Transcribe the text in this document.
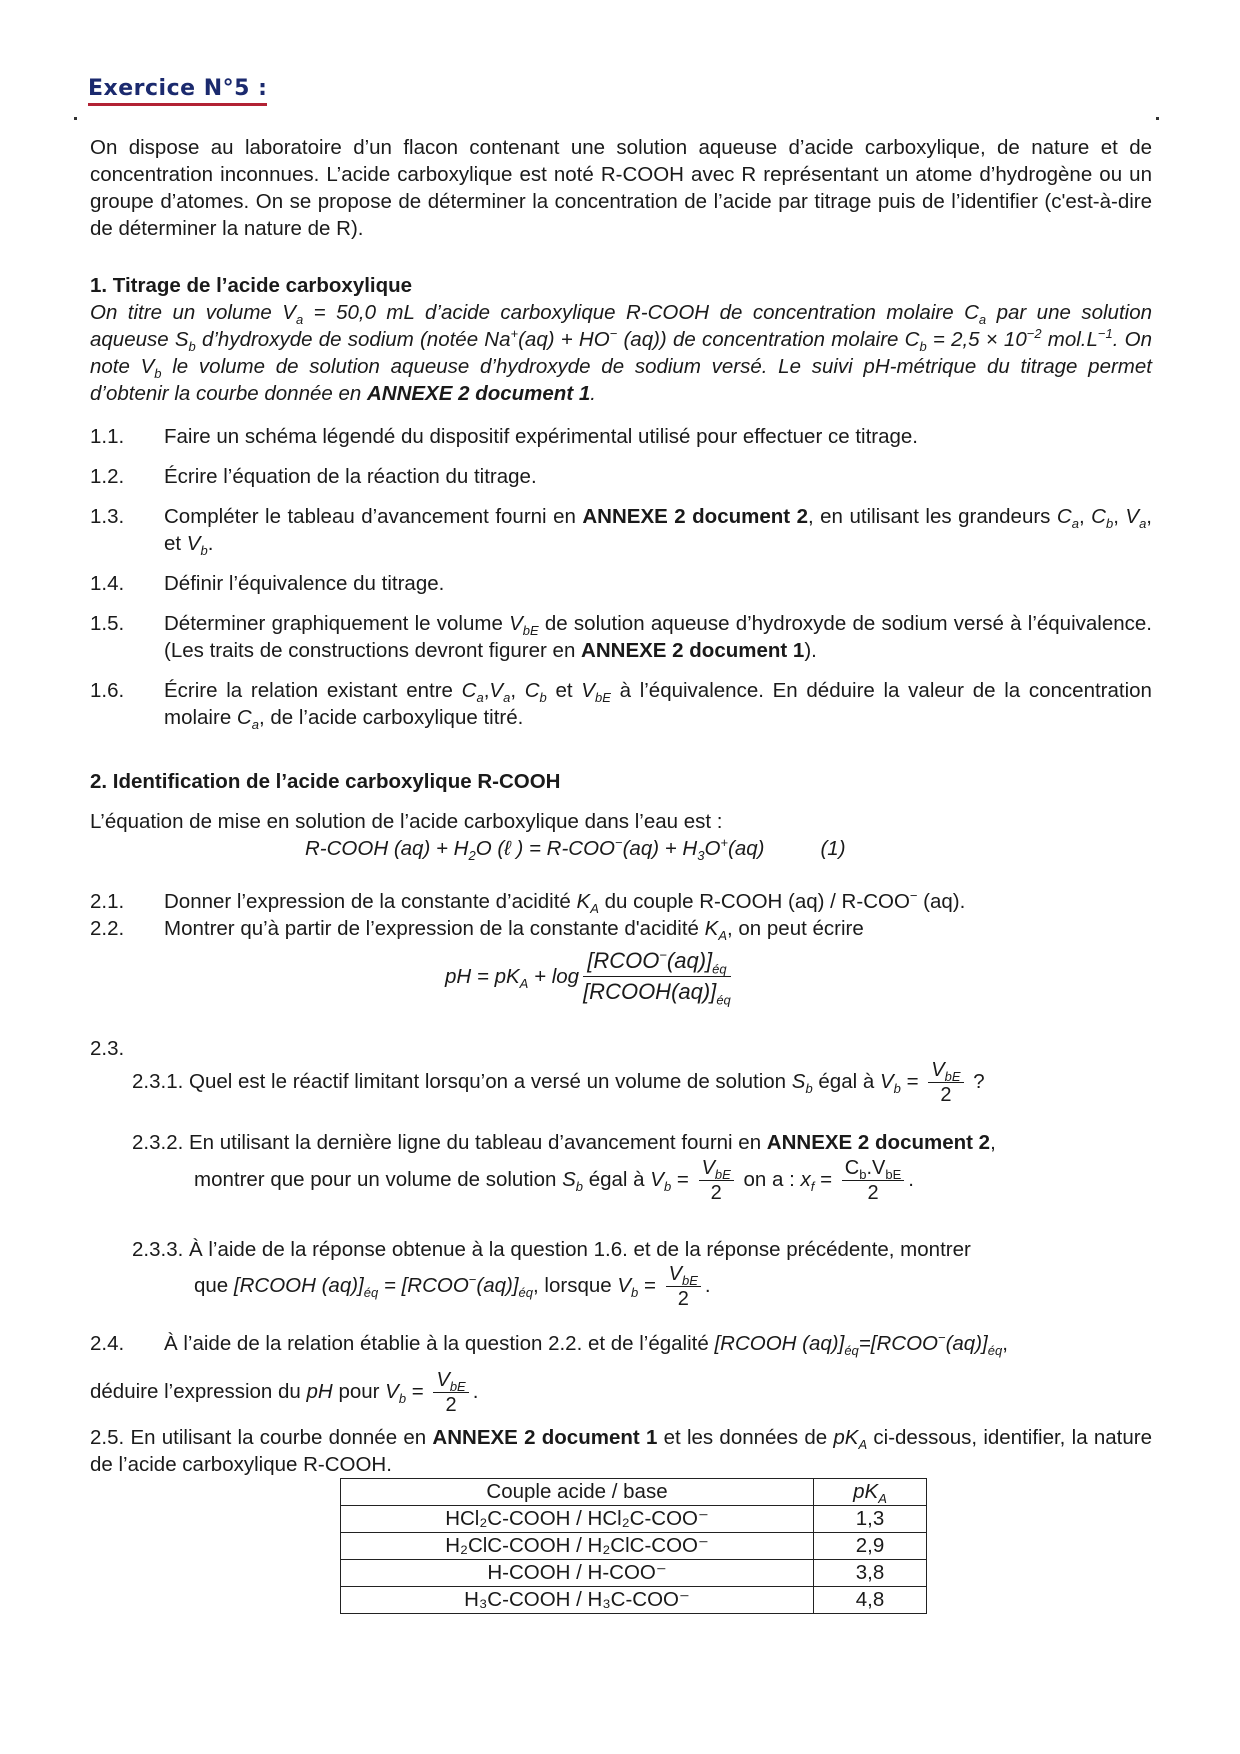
Exercice N°5 :
On dispose au laboratoire d’un flacon contenant une solution aqueuse d’acide carboxylique, de nature et de concentration inconnues. L’acide carboxylique est noté R-COOH avec R représentant un atome d’hydrogène ou un groupe d’atomes. On se propose de déterminer la concentration de l’acide par titrage puis de l’identifier (c'est-à-dire de déterminer la nature de R).
1. Titrage de l’acide carboxylique
On titre un volume $V_a = 50,0$ mL d’acide carboxylique R-COOH de concentration molaire $C_a$ par une solution aqueuse $S_b$ d’hydroxyde de sodium (notée Na+(aq) + HO− (aq)) de concentration molaire $C_b = 2,5 \times 10^{-2}$ $mol.L^{-1}$. On note $V_b$ le volume de solution aqueuse d’hydroxyde de sodium versé. Le suivi pH-métrique du titrage permet d’obtenir la courbe donnée en ANNEXE 2 document 1.
1.1. Faire un schéma légendé du dispositif expérimental utilisé pour effectuer ce titrage.
1.2. Écrire l’équation de la réaction du titrage.
1.3. Compléter le tableau d’avancement fourni en ANNEXE 2 document 2, en utilisant les grandeurs $C_a$, $C_b$, $V_a$, et $V_b$.
1.4. Définir l’équivalence du titrage.
1.5. Déterminer graphiquement le volume $V_{bE}$ de solution aqueuse d’hydroxyde de sodium versé à l’équivalence. (Les traits de constructions devront figurer en ANNEXE 2 document 1).
1.6. Écrire la relation existant entre $C_a,V_a$, $C_b$ et $V_{bE}$ à l’équivalence. En déduire la valeur de la concentration molaire $C_a$, de l’acide carboxylique titré.
2. Identification de l’acide carboxylique R-COOH
L’équation de mise en solution de l’acide carboxylique dans l’eau est :
R-COOH $(aq) + H_2O$ (ℓ ) = $R-COO^-(aq) + H_3O^+(aq)$	(1)
2.1. Donner l’expression de la constante d’acidité $K_A$ du couple R-COOH (aq) / R-COO− (aq).
2.2. Montrer qu’à partir de l’expression de la constante d'acidité $K_A$, on peut écrire
pH = $pK_A + \log \frac{[RCOO^-(aq)]_{éq}}{[RCOOH(aq)]_{éq}}$
2.3.
2.3.1. Quel est le réactif limitant lorsqu’on a versé un volume de solution $S_b$ égal à $V_b = \frac{V_{bE}}{2}$ ?
2.3.2. En utilisant la dernière ligne du tableau d’avancement fourni en ANNEXE 2 document 2,
montrer que pour un volume de solution $S_b$ égal à $V_b = \frac{V_{bE}}{2}$ on a : $x_f = \frac{C_b.V_{bE}}{2}$ .
2.3.3. À l’aide de la réponse obtenue à la question 1.6. et de la réponse précédente, montrer
que [RCOOH $(aq)]_{éq}$ = $[RCOO^-(aq)]_{éq}$, lorsque $V_b = \frac{V_{bE}}{2}$ .
2.4. À l’aide de la relation établie à la question 2.2. et de l’égalité [RCOOH $(aq)]_{éq}=[RCOO^-(aq)]_{éq}$,
déduire l’expression du pH pour $V_b = \frac{V_{bE}}{2}$ .
2.5. En utilisant la courbe donnée en ANNEXE 2 document 1 et les données de $pK_A$ ci-dessous, identifier, la nature de l’acide carboxylique R-COOH.
Couple acide / base	$pK_A$
HCl₂C-COOH / HCl₂C-COO⁻	1,3
H₂ClC-COOH / H₂ClC-COO⁻	2,9
H-COOH / H-COO⁻	3,8
H₃C-COOH / H₃C-COO⁻	4,8
